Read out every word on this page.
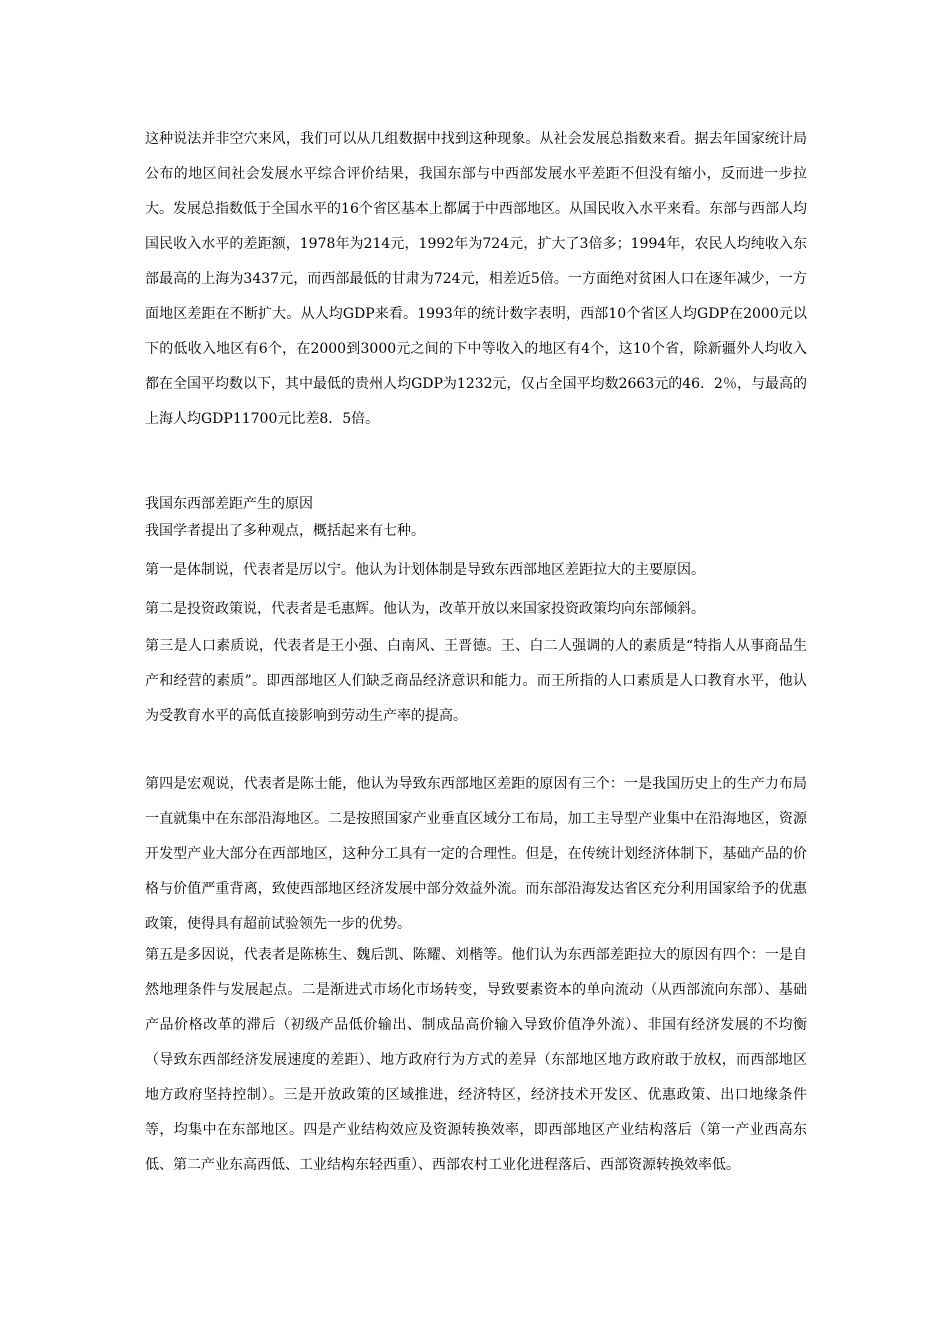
这种说法并非空穴来风，我们可以从几组数据中找到这种现象。从社会发展总指数来看。据去年国家统计局公布的地区间社会发展水平综合评价结果，我国东部与中西部发展水平差距不但没有缩小，反而进一步拉大。发展总指数低于全国水平的16个省区基本上都属于中西部地区。从国民收入水平来看。东部与西部人均国民收入水平的差距额，1978年为214元，1992年为724元，扩大了3倍多；1994年，农民人均纯收入东部最高的上海为3437元，而西部最低的甘肃为724元，相差近5倍。一方面绝对贫困人口在逐年减少，一方面地区差距在不断扩大。从人均GDP来看。1993年的统计数字表明，西部10个省区人均GDP在2000元以下的低收入地区有6个，在2000到3000元之间的下中等收入的地区有4个，这10个省，除新疆外人均收入都在全国平均数以下，其中最低的贵州人均GDP为1232元，仅占全国平均数2663元的46．2％，与最高的上海人均GDP11700元比差8．5倍。

我国东西部差距产生的原因

我国学者提出了多种观点，概括起来有七种。

第一是体制说，代表者是厉以宁。他认为计划体制是导致东西部地区差距拉大的主要原因。

第二是投资政策说，代表者是毛惠辉。他认为，改革开放以来国家投资政策均向东部倾斜。

第三是人口素质说，代表者是王小强、白南风、王晋德。王、白二人强调的人的素质是“特指人从事商品生产和经营的素质”。即西部地区人们缺乏商品经济意识和能力。而王所指的人口素质是人口教育水平，他认为受教育水平的高低直接影响到劳动生产率的提高。

第四是宏观说，代表者是陈士能，他认为导致东西部地区差距的原因有三个：一是我国历史上的生产力布局一直就集中在东部沿海地区。二是按照国家产业垂直区域分工布局，加工主导型产业集中在沿海地区，资源开发型产业大部分在西部地区，这种分工具有一定的合理性。但是，在传统计划经济体制下，基础产品的价格与价值严重背离，致使西部地区经济发展中部分效益外流。而东部沿海发达省区充分利用国家给予的优惠政策，使得具有超前试验领先一步的优势。

第五是多因说，代表者是陈栋生、魏后凯、陈耀、刘楷等。他们认为东西部差距拉大的原因有四个：一是自然地理条件与发展起点。二是渐进式市场化市场转变，导致要素资本的单向流动（从西部流向东部）、基础产品价格改革的滞后（初级产品低价输出、制成品高价输入导致价值净外流）、非国有经济发展的不均衡（导致东西部经济发展速度的差距）、地方政府行为方式的差异（东部地区地方政府敢于放权，而西部地区地方政府坚持控制）。三是开放政策的区域推进，经济特区，经济技术开发区、优惠政策、出口地缘条件等，均集中在东部地区。四是产业结构效应及资源转换效率，即西部地区产业结构落后（第一产业西高东低、第二产业东高西低、工业结构东轻西重）、西部农村工业化进程落后、西部资源转换效率低。
